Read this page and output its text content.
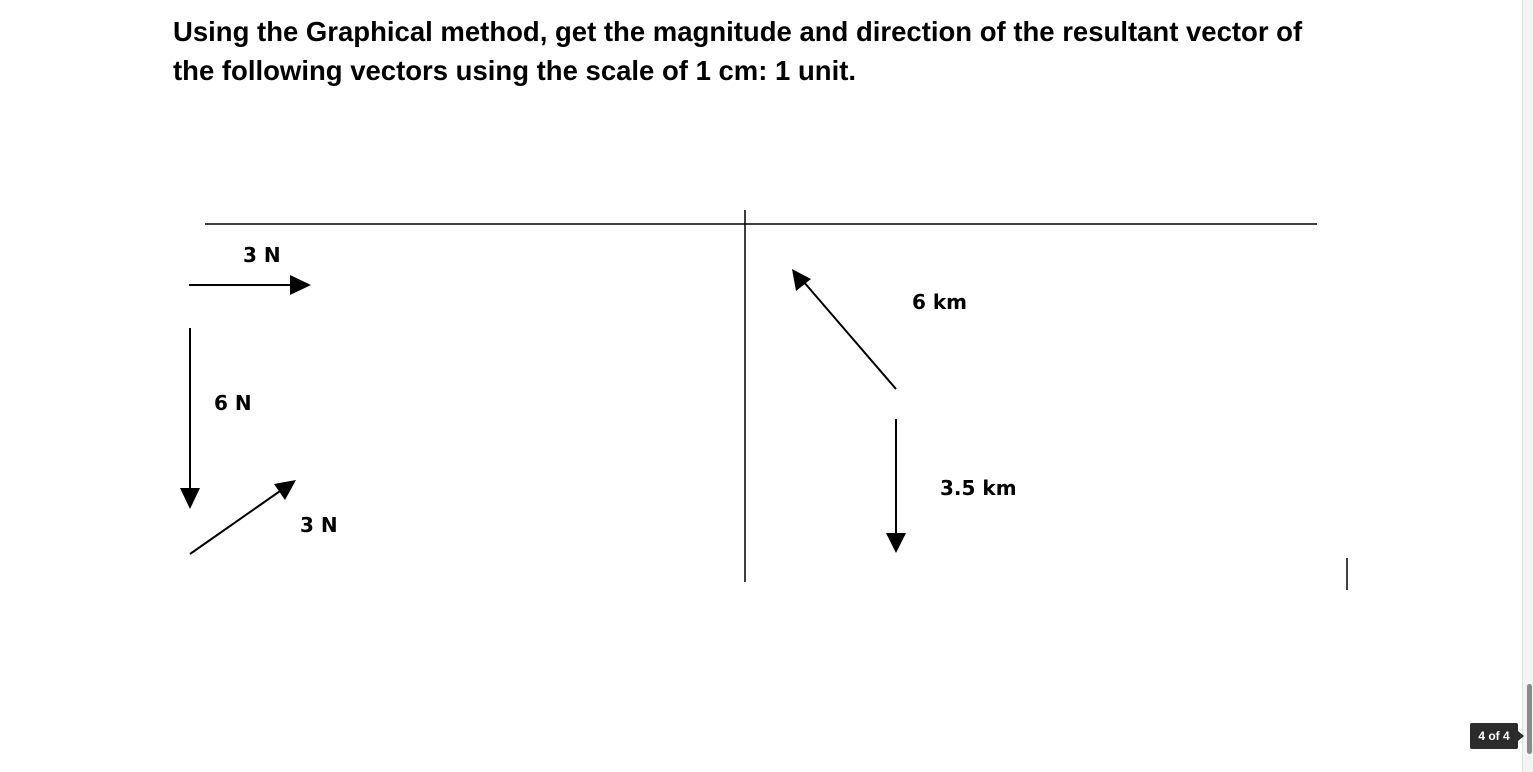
Using the Graphical method, get the magnitude and direction of the resultant vector of
the following vectors using the scale of 1 cm: 1 unit.
3 N
6 N
3 N
6 km
3.5 km
4 of 4
